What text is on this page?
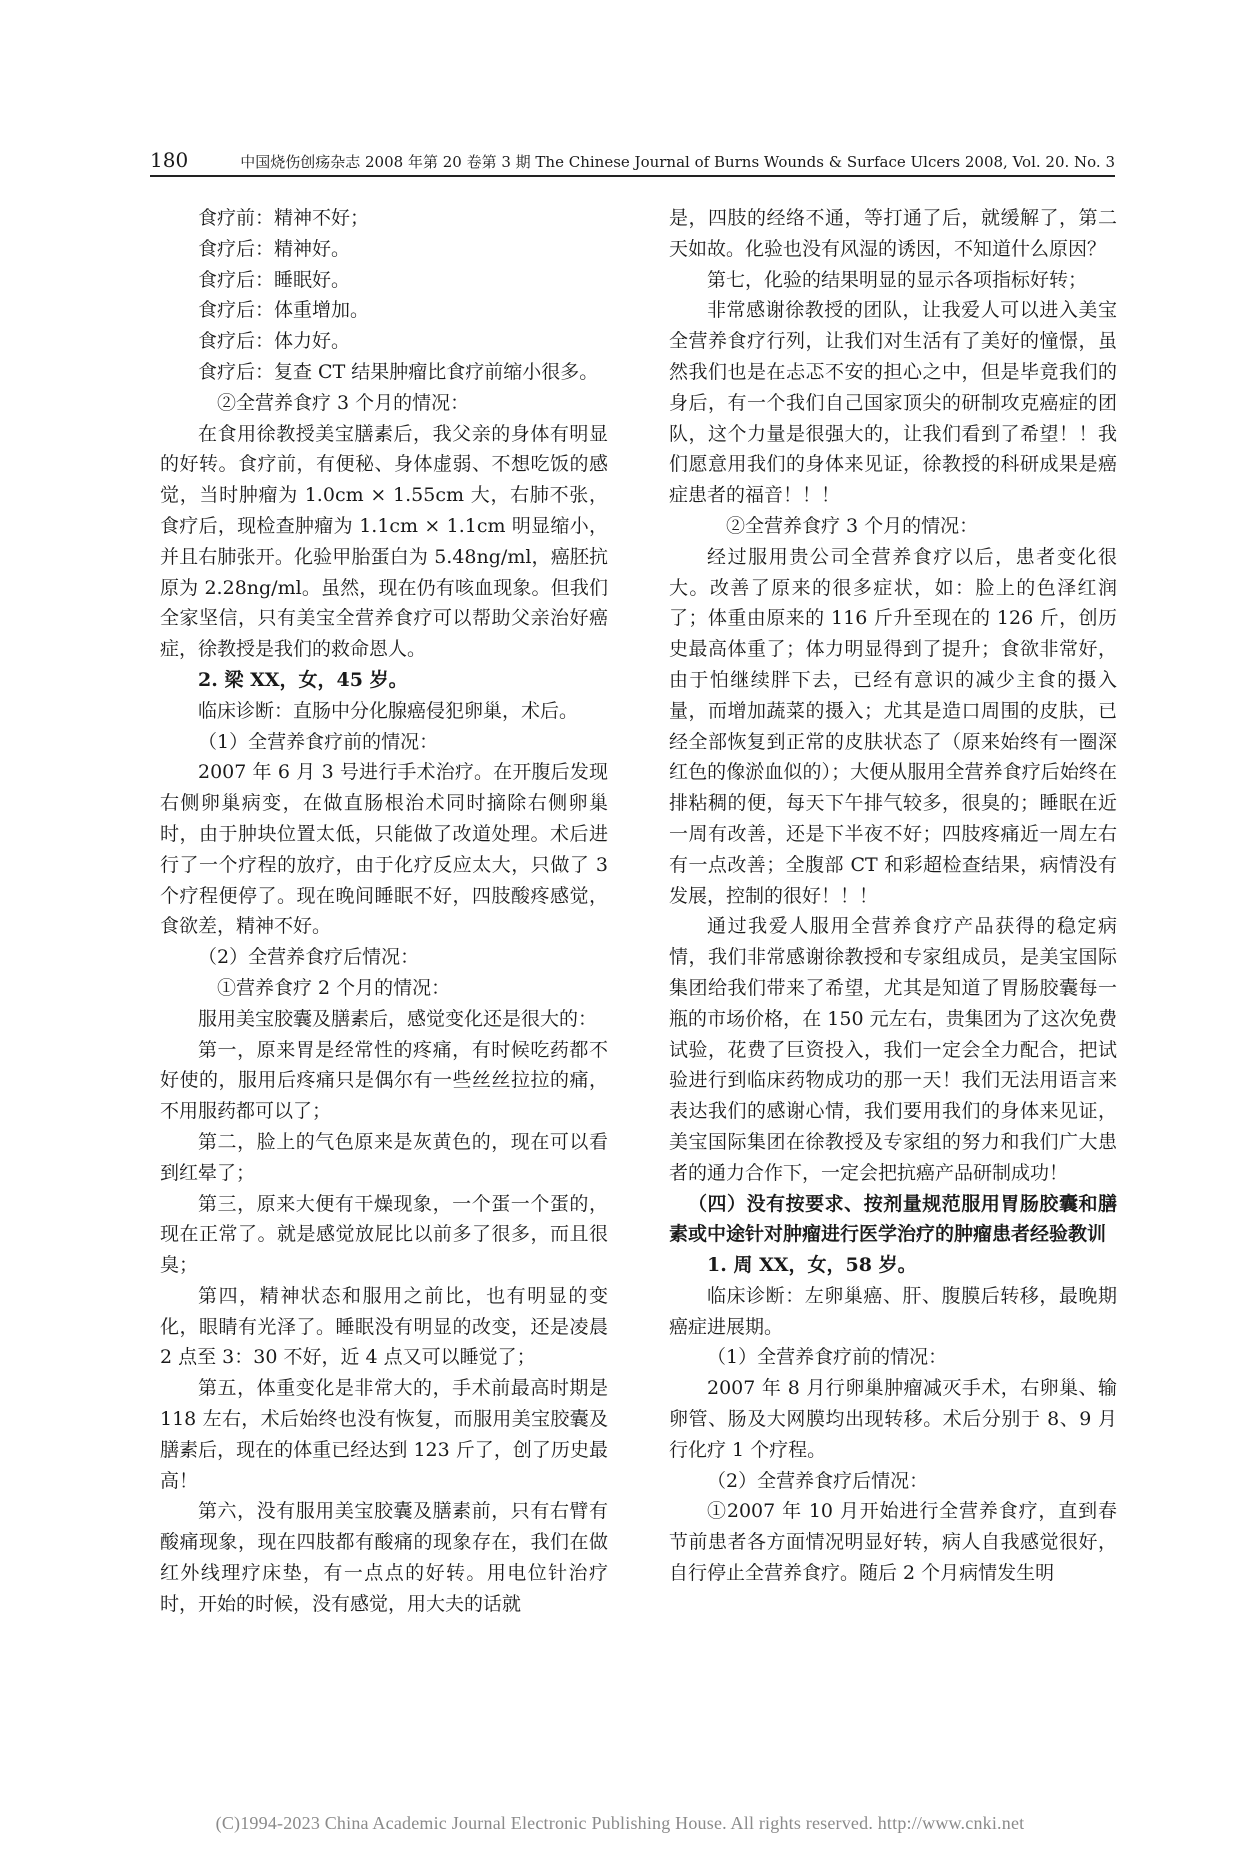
180	中国烧伤创疡杂志 2008 年第 20 卷第 3 期 The Chinese Journal of Burns Wounds & Surface Ulcers 2008, Vol. 20. No. 3

食疗前：精神不好；

食疗后：精神好。

食疗后：睡眠好。

食疗后：体重增加。

食疗后：体力好。

食疗后：复查 CT 结果肿瘤比食疗前缩小很多。

②全营养食疗 3 个月的情况：

在食用徐教授美宝膳素后，我父亲的身体有明显的好转。食疗前，有便秘、身体虚弱、不想吃饭的感觉，当时肿瘤为 1.0cm × 1.55cm 大，右肺不张，食疗后，现检查肿瘤为 1.1cm × 1.1cm 明显缩小，并且右肺张开。化验甲胎蛋白为 5.48ng/ml，癌胚抗原为 2.28ng/ml。虽然，现在仍有咳血现象。但我们全家坚信，只有美宝全营养食疗可以帮助父亲治好癌症，徐教授是我们的救命恩人。

2. 梁 XX，女，45 岁。

临床诊断：直肠中分化腺癌侵犯卵巢，术后。

（1）全营养食疗前的情况：

2007 年 6 月 3 号进行手术治疗。在开腹后发现右侧卵巢病变，在做直肠根治术同时摘除右侧卵巢时，由于肿块位置太低，只能做了改道处理。术后进行了一个疗程的放疗，由于化疗反应太大，只做了 3 个疗程便停了。现在晚间睡眠不好，四肢酸疼感觉，食欲差，精神不好。

（2）全营养食疗后情况：

①营养食疗 2 个月的情况：

服用美宝胶囊及膳素后，感觉变化还是很大的：

第一，原来胃是经常性的疼痛，有时候吃药都不好使的，服用后疼痛只是偶尔有一些丝丝拉拉的痛，不用服药都可以了；

第二，脸上的气色原来是灰黄色的，现在可以看到红晕了；

第三，原来大便有干燥现象，一个蛋一个蛋的，现在正常了。就是感觉放屁比以前多了很多，而且很臭；

第四，精神状态和服用之前比，也有明显的变化，眼睛有光泽了。睡眠没有明显的改变，还是凌晨 2 点至 3：30 不好，近 4 点又可以睡觉了；

第五，体重变化是非常大的，手术前最高时期是 118 左右，术后始终也没有恢复，而服用美宝胶囊及膳素后，现在的体重已经达到 123 斤了，创了历史最高！

第六，没有服用美宝胶囊及膳素前，只有右臂有酸痛现象，现在四肢都有酸痛的现象存在，我们在做红外线理疗床垫，有一点点的好转。用电位针治疗时，开始的时候，没有感觉，用大夫的话就

是，四肢的经络不通，等打通了后，就缓解了，第二天如故。化验也没有风湿的诱因，不知道什么原因？

第七，化验的结果明显的显示各项指标好转；

非常感谢徐教授的团队，让我爱人可以进入美宝全营养食疗行列，让我们对生活有了美好的憧憬，虽然我们也是在忐忑不安的担心之中，但是毕竟我们的身后，有一个我们自己国家顶尖的研制攻克癌症的团队，这个力量是很强大的，让我们看到了希望！！我们愿意用我们的身体来见证，徐教授的科研成果是癌症患者的福音！！！

②全营养食疗 3 个月的情况：

经过服用贵公司全营养食疗以后，患者变化很大。改善了原来的很多症状，如：脸上的色泽红润了；体重由原来的 116 斤升至现在的 126 斤，创历史最高体重了；体力明显得到了提升；食欲非常好，由于怕继续胖下去，已经有意识的减少主食的摄入量，而增加蔬菜的摄入；尤其是造口周围的皮肤，已经全部恢复到正常的皮肤状态了（原来始终有一圈深红色的像淤血似的）；大便从服用全营养食疗后始终在排粘稠的便，每天下午排气较多，很臭的；睡眠在近一周有改善，还是下半夜不好；四肢疼痛近一周左右有一点改善；全腹部 CT 和彩超检查结果，病情没有发展，控制的很好！！！

通过我爱人服用全营养食疗产品获得的稳定病情，我们非常感谢徐教授和专家组成员，是美宝国际集团给我们带来了希望，尤其是知道了胃肠胶囊每一瓶的市场价格，在 150 元左右，贵集团为了这次免费试验，花费了巨资投入，我们一定会全力配合，把试验进行到临床药物成功的那一天！我们无法用语言来表达我们的感谢心情，我们要用我们的身体来见证，美宝国际集团在徐教授及专家组的努力和我们广大患者的通力合作下，一定会把抗癌产品研制成功！

（四）没有按要求、按剂量规范服用胃肠胶囊和膳素或中途针对肿瘤进行医学治疗的肿瘤患者经验教训

1. 周 XX，女，58 岁。

临床诊断：左卵巢癌、肝、腹膜后转移，最晚期癌症进展期。

（1）全营养食疗前的情况：

2007 年 8 月行卵巢肿瘤减灭手术，右卵巢、输卵管、肠及大网膜均出现转移。术后分别于 8、9 月行化疗 1 个疗程。

（2）全营养食疗后情况：

①2007 年 10 月开始进行全营养食疗，直到春节前患者各方面情况明显好转，病人自我感觉很好，自行停止全营养食疗。随后 2 个月病情发生明

(C)1994-2023 China Academic Journal Electronic Publishing House. All rights reserved. http://www.cnki.net
